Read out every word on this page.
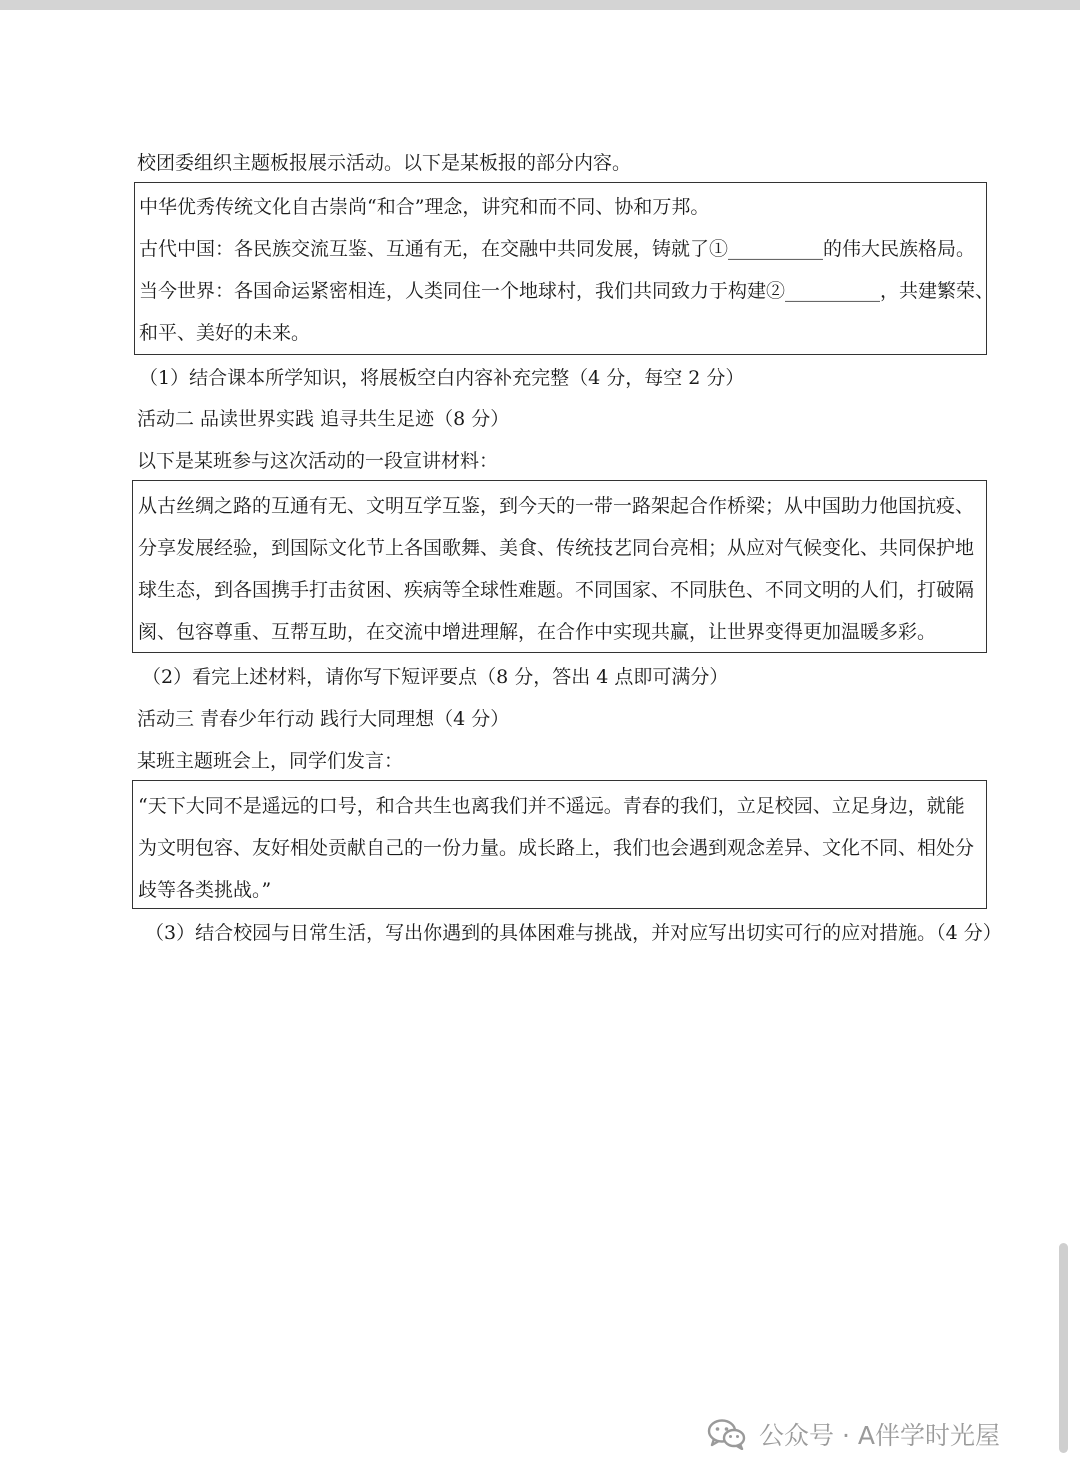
校团委组织主题板报展示活动。以下是某板报的部分内容。
中华优秀传统文化自古崇尚“和合”理念，讲究和而不同、协和万邦。
古代中国：各民族交流互鉴、互通有无，在交融中共同发展，铸就了①__________的伟大民族格局。
当今世界：各国命运紧密相连，人类同住一个地球村，我们共同致力于构建②__________，共建繁荣、
和平、美好的未来。
（1）结合课本所学知识，将展板空白内容补充完整（4 分，每空 2 分）
活动二 品读世界实践 追寻共生足迹（8 分）
以下是某班参与这次活动的一段宣讲材料：
从古丝绸之路的互通有无、文明互学互鉴，到今天的一带一路架起合作桥梁；从中国助力他国抗疫、
分享发展经验，到国际文化节上各国歌舞、美食、传统技艺同台亮相；从应对气候变化、共同保护地
球生态，到各国携手打击贫困、疾病等全球性难题。不同国家、不同肤色、不同文明的人们，打破隔
阂、包容尊重、互帮互助，在交流中增进理解，在合作中实现共赢，让世界变得更加温暖多彩。
（2）看完上述材料，请你写下短评要点（8 分，答出 4 点即可满分）
活动三 青春少年行动 践行大同理想（4 分）
某班主题班会上，同学们发言：
“天下大同不是遥远的口号，和合共生也离我们并不遥远。青春的我们，立足校园、立足身边，就能
为文明包容、友好相处贡献自己的一份力量。成长路上，我们也会遇到观念差异、文化不同、相处分
歧等各类挑战。”
（3）结合校园与日常生活，写出你遇到的具体困难与挑战，并对应写出切实可行的应对措施。（4 分）
公众号 · A伴学时光屋
